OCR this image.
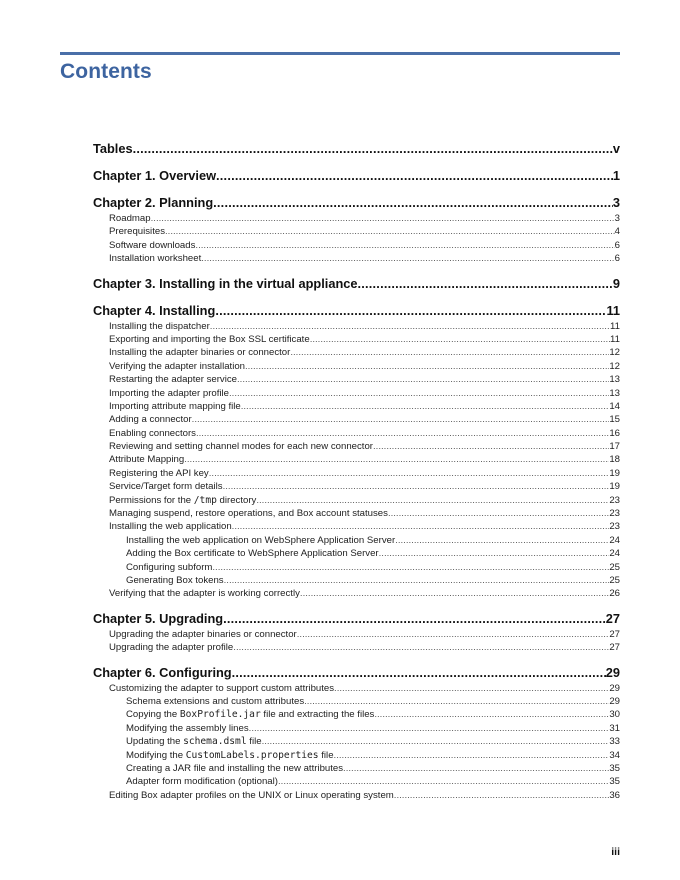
Contents
Tables .....	v
Chapter 1. Overview .....	1
Chapter 2. Planning .....	3
Roadmap .....	3
Prerequisites .....	4
Software downloads .....	6
Installation worksheet .....	6
Chapter 3. Installing in the virtual appliance .....	9
Chapter 4. Installing .....	11
Installing the dispatcher .....	11
Exporting and importing the Box SSL certificate .....	11
Installing the adapter binaries or connector .....	12
Verifying the adapter installation .....	12
Restarting the adapter service .....	13
Importing the adapter profile .....	13
Importing attribute mapping file .....	14
Adding a connector .....	15
Enabling connectors .....	16
Reviewing and setting channel modes for each new connector .....	17
Attribute Mapping .....	18
Registering the API key .....	19
Service/Target form details .....	19
Permissions for the /tmp directory .....	23
Managing suspend, restore operations, and Box account statuses .....	23
Installing the web application .....	23
Installing the web application on WebSphere Application Server .....	24
Adding the Box certificate to WebSphere Application Server .....	24
Configuring subform .....	25
Generating Box tokens .....	25
Verifying that the adapter is working correctly .....	26
Chapter 5. Upgrading .....	27
Upgrading the adapter binaries or connector .....	27
Upgrading the adapter profile .....	27
Chapter 6. Configuring .....	29
Customizing the adapter to support custom attributes .....	29
Schema extensions and custom attributes .....	29
Copying the BoxProfile.jar file and extracting the files .....	30
Modifying the assembly lines .....	31
Updating the schema.dsml file .....	33
Modifying the CustomLabels.properties file .....	34
Creating a JAR file and installing the new attributes .....	35
Adapter form modification (optional) .....	35
Editing Box adapter profiles on the UNIX or Linux operating system .....	36
iii
